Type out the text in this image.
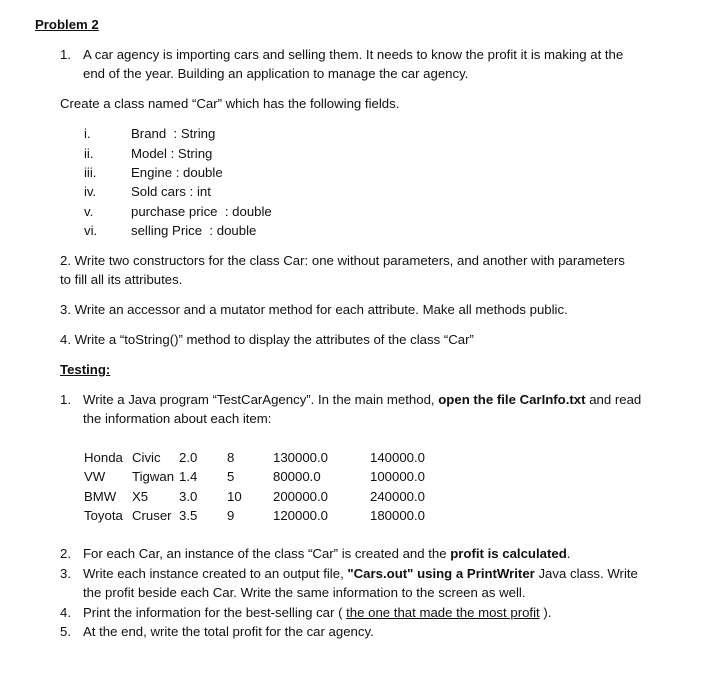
Problem 2
1. A car agency is importing cars and selling them. It needs to know the profit it is making at the
end of the year. Building an application to manage the car agency.
Create a class named “Car” which has the following fields.
i.	Brand  : String
ii.	Model : String
iii.	Engine : double
iv.	Sold cars : int
v.	purchase price  : double
vi.	selling Price  : double
2. Write two constructors for the class Car: one without parameters, and another with parameters
to fill all its attributes.
3. Write an accessor and a mutator method for each attribute. Make all methods public.
4. Write a “toString()” method to display the attributes of the class “Car”
Testing:
1. Write a Java program “TestCarAgency”. In the main method, open the file CarInfo.txt and read
the information about each item:
Honda Civic 2.0 8	130000.0	140000.0
VW Tigwan 1.4 5	80000.0	100000.0
BMW X5 3.0 10 200000.0	240000.0
Toyota Cruser 3.5 9	120000.0	180000.0
2. For each Car, an instance of the class “Car” is created and the profit is calculated.
3. Write each instance created to an output file, "Cars.out" using a PrintWriter Java class. Write
the profit beside each Car. Write the same information to the screen as well.
4. Print the information for the best-selling car ( the one that made the most profit ).
5. At the end, write the total profit for the car agency.
